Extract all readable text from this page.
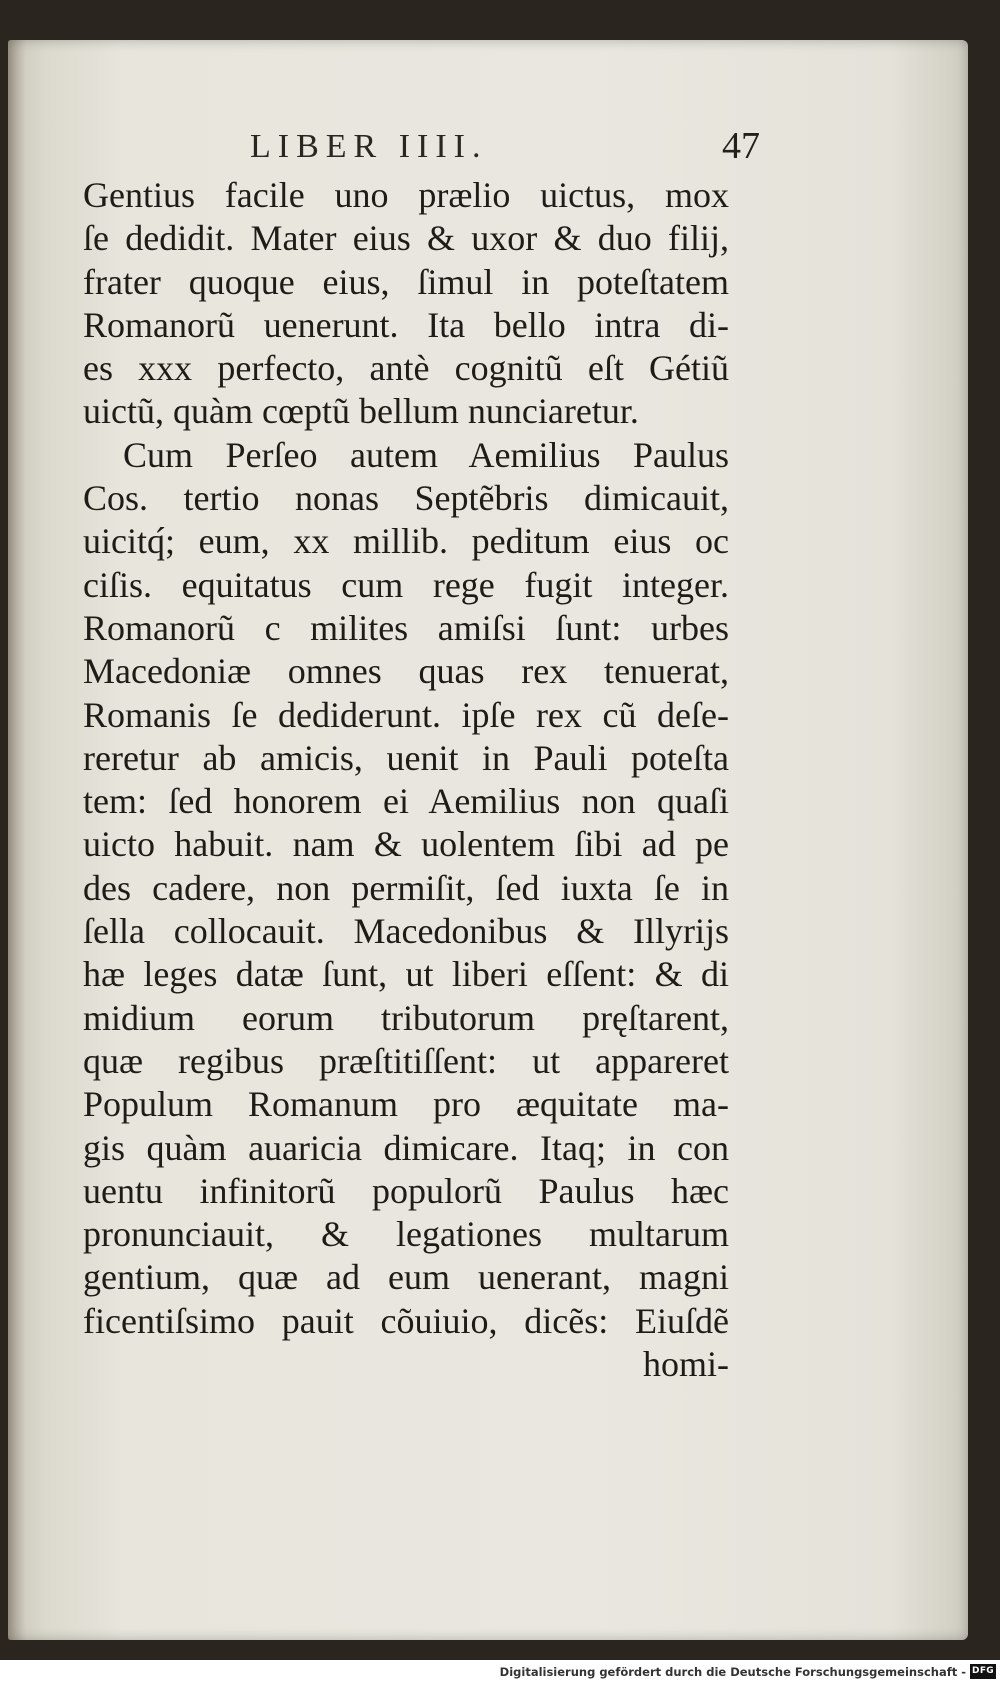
LIBER IIII.	47
Gentius facile uno prælio uictus, mox
ſe dedidit. Mater eius & uxor & duo filij,
frater quoque eius, ſimul in poteſtatem
Romanorũ uenerunt. Ita bello intra di-
es xxx perfecto, antè cognitũ eſt Gétiũ
uictũ, quàm cœptũ bellum nunciaretur.
Cum Perſeo autem Aemilius Paulus
Cos. tertio nonas Septẽbris dimicauit,
uicitq́; eum, xx millib. peditum eius oc
ciſis. equitatus cum rege fugit integer.
Romanorũ c milites amiſsi ſunt: urbes
Macedoniæ omnes quas rex tenuerat,
Romanis ſe dediderunt. ipſe rex cũ deſe-
reretur ab amicis, uenit in Pauli poteſta
tem: ſed honorem ei Aemilius non quaſi
uicto habuit. nam & uolentem ſibi ad pe
des cadere, non permiſit, ſed iuxta ſe in
ſella collocauit. Macedonibus & Illyrijs
hæ leges datæ ſunt, ut liberi eſſent: & di
midium eorum tributorum pręſtarent,
quæ regibus præſtitiſſent: ut appareret
Populum Romanum pro æquitate ma-
gis quàm auaricia dimicare. Itaq; in con
uentu infinitorũ populorũ Paulus hæc
pronunciauit, & legationes multarum
gentium, quæ ad eum uenerant, magni
ficentiſsimo pauit cõuiuio, dicẽs: Eiuſdẽ
homi-
Digitalisierung gefördert durch die Deutsche Forschungsgemeinschaft - DFG
